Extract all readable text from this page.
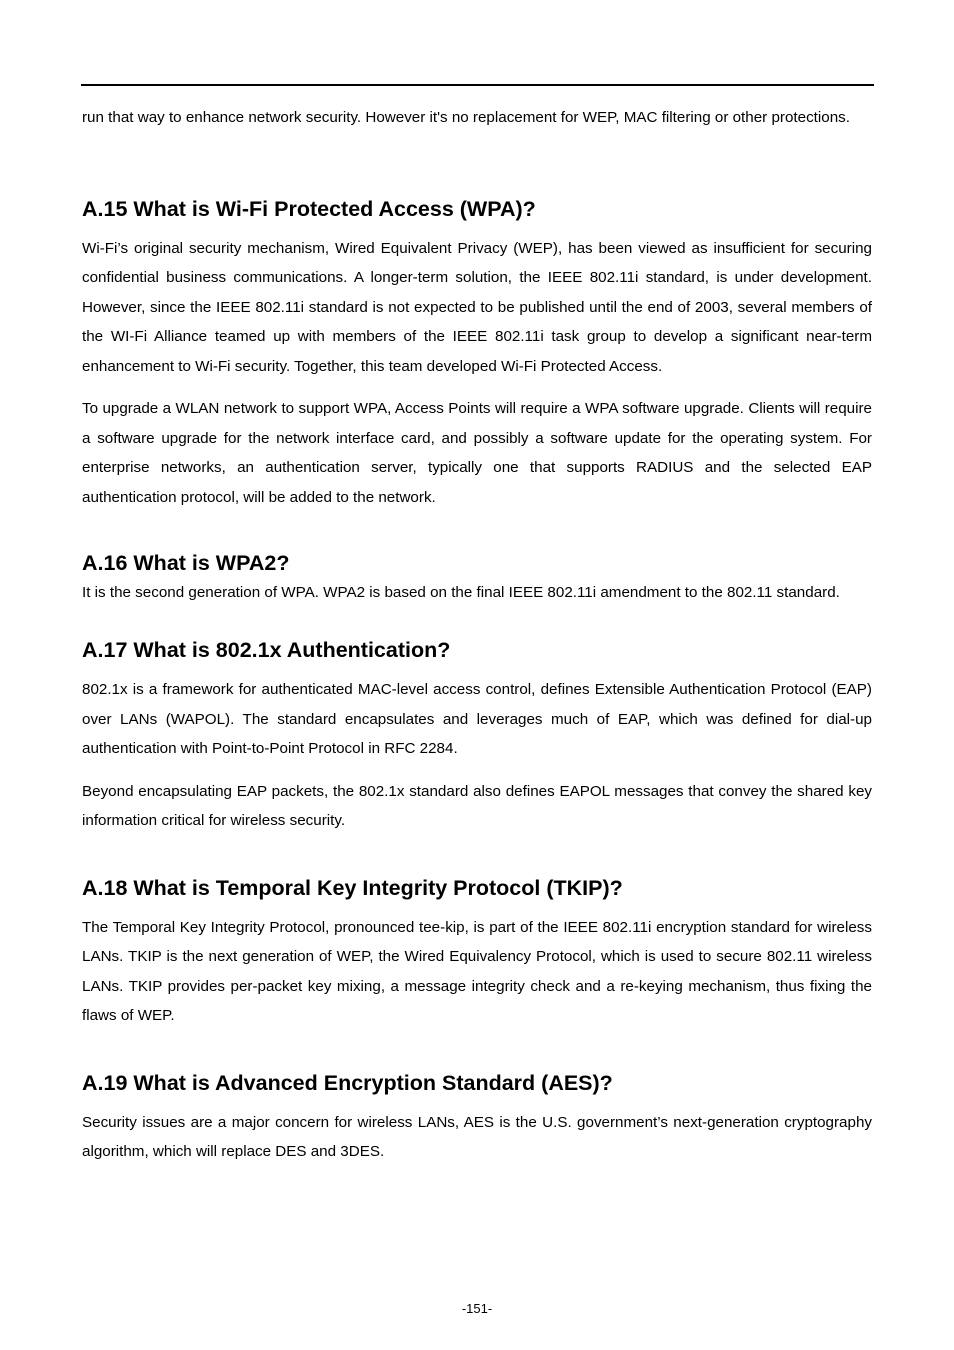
run that way to enhance network security. However it's no replacement for WEP, MAC filtering or other protections.

A.15 What is Wi-Fi Protected Access (WPA)?

Wi-Fi’s original security mechanism, Wired Equivalent Privacy (WEP), has been viewed as insufficient for securing confidential business communications. A longer-term solution, the IEEE 802.11i standard, is under development. However, since the IEEE 802.11i standard is not expected to be published until the end of 2003, several members of the WI-Fi Alliance teamed up with members of the IEEE 802.11i task group to develop a significant near-term enhancement to Wi-Fi security. Together, this team developed Wi-Fi Protected Access.

To upgrade a WLAN network to support WPA, Access Points will require a WPA software upgrade. Clients will require a software upgrade for the network interface card, and possibly a software update for the operating system. For enterprise networks, an authentication server, typically one that supports RADIUS and the selected EAP authentication protocol, will be added to the network.

A.16 What is WPA2?

It is the second generation of WPA. WPA2 is based on the final IEEE 802.11i amendment to the 802.11 standard.

A.17 What is 802.1x Authentication?

802.1x is a framework for authenticated MAC-level access control, defines Extensible Authentication Protocol (EAP) over LANs (WAPOL). The standard encapsulates and leverages much of EAP, which was defined for dial-up authentication with Point-to-Point Protocol in RFC 2284.

Beyond encapsulating EAP packets, the 802.1x standard also defines EAPOL messages that convey the shared key information critical for wireless security.

A.18 What is Temporal Key Integrity Protocol (TKIP)?

The Temporal Key Integrity Protocol, pronounced tee-kip, is part of the IEEE 802.11i encryption standard for wireless LANs. TKIP is the next generation of WEP, the Wired Equivalency Protocol, which is used to secure 802.11 wireless LANs. TKIP provides per-packet key mixing, a message integrity check and a re-keying mechanism, thus fixing the flaws of WEP.

A.19 What is Advanced Encryption Standard (AES)?

Security issues are a major concern for wireless LANs, AES is the U.S. government’s next-generation cryptography algorithm, which will replace DES and 3DES.

-151-
